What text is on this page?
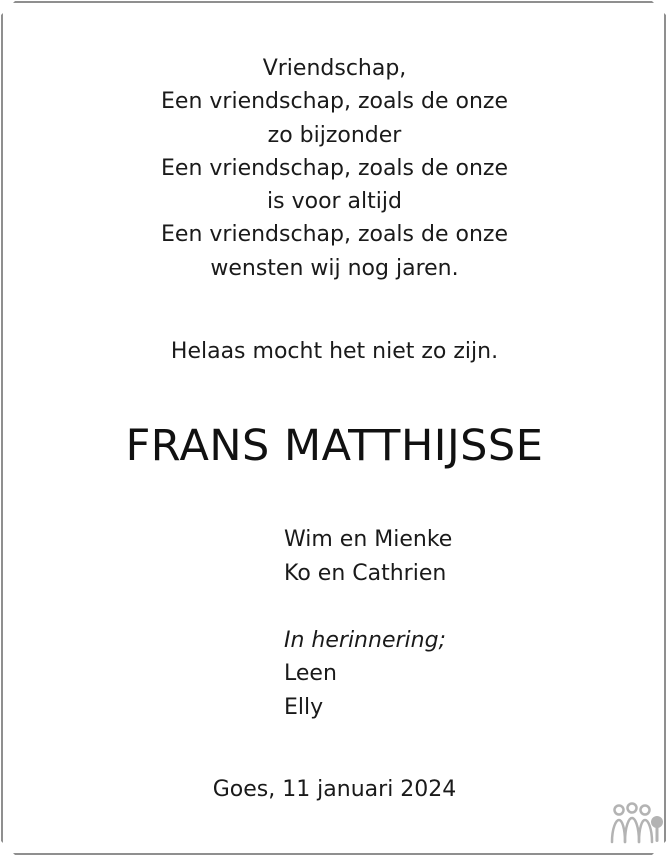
Vriendschap,
Een vriendschap, zoals de onze
zo bijzonder
Een vriendschap, zoals de onze
is voor altijd
Een vriendschap, zoals de onze
wensten wij nog jaren.
Helaas mocht het niet zo zijn.
FRANS MATTHIJSSE
Wim en Mienke
Ko en Cathrien
In herinnering;
Leen
Elly
Goes, 11 januari 2024
